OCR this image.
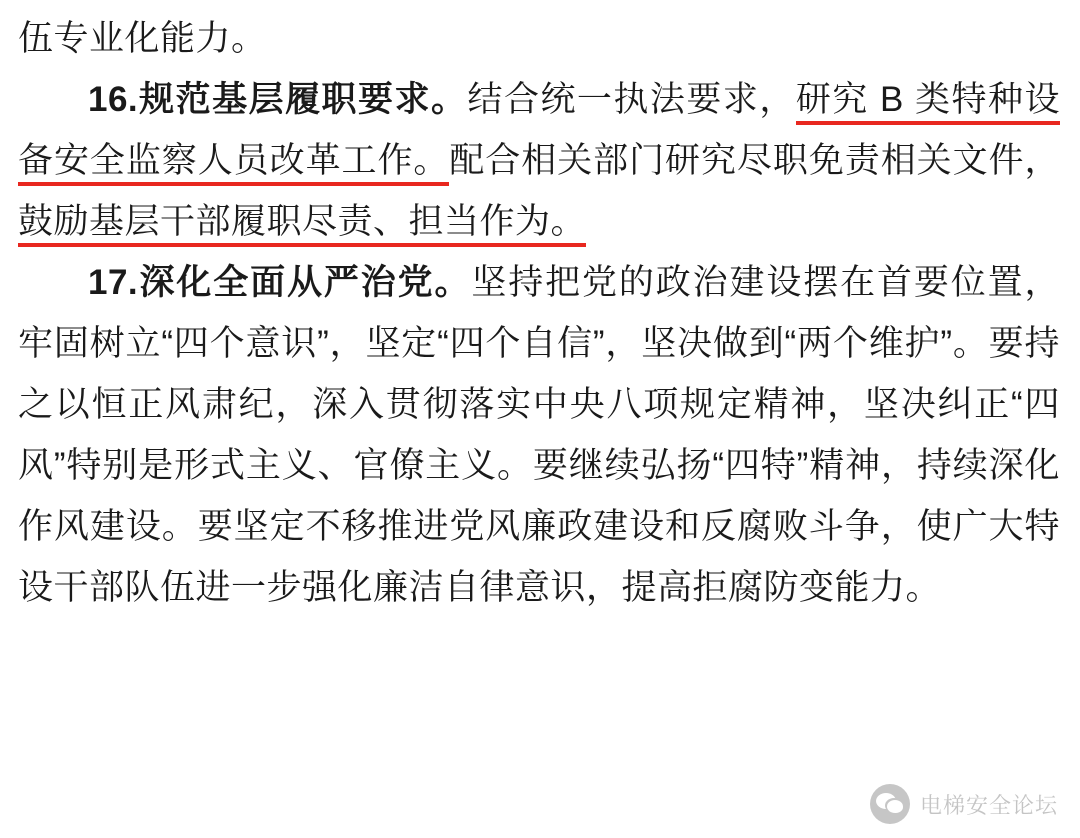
伍专业化能力。

16.规范基层履职要求。结合统一执法要求，研究 B 类特种设备安全监察人员改革工作。配合相关部门研究尽职免责相关文件，鼓励基层干部履职尽责、担当作为。

17.深化全面从严治党。坚持把党的政治建设摆在首要位置，牢固树立“四个意识”，坚定“四个自信”，坚决做到“两个维护”。要持之以恒正风肃纪，深入贯彻落实中央八项规定精神，坚决纠正“四风”特别是形式主义、官僚主义。要继续弘扬“四特”精神，持续深化作风建设。要坚定不移推进党风廉政建设和反腐败斗争，使广大特设干部队伍进一步强化廉洁自律意识，提高拒腐防变能力。

电梯安全论坛
